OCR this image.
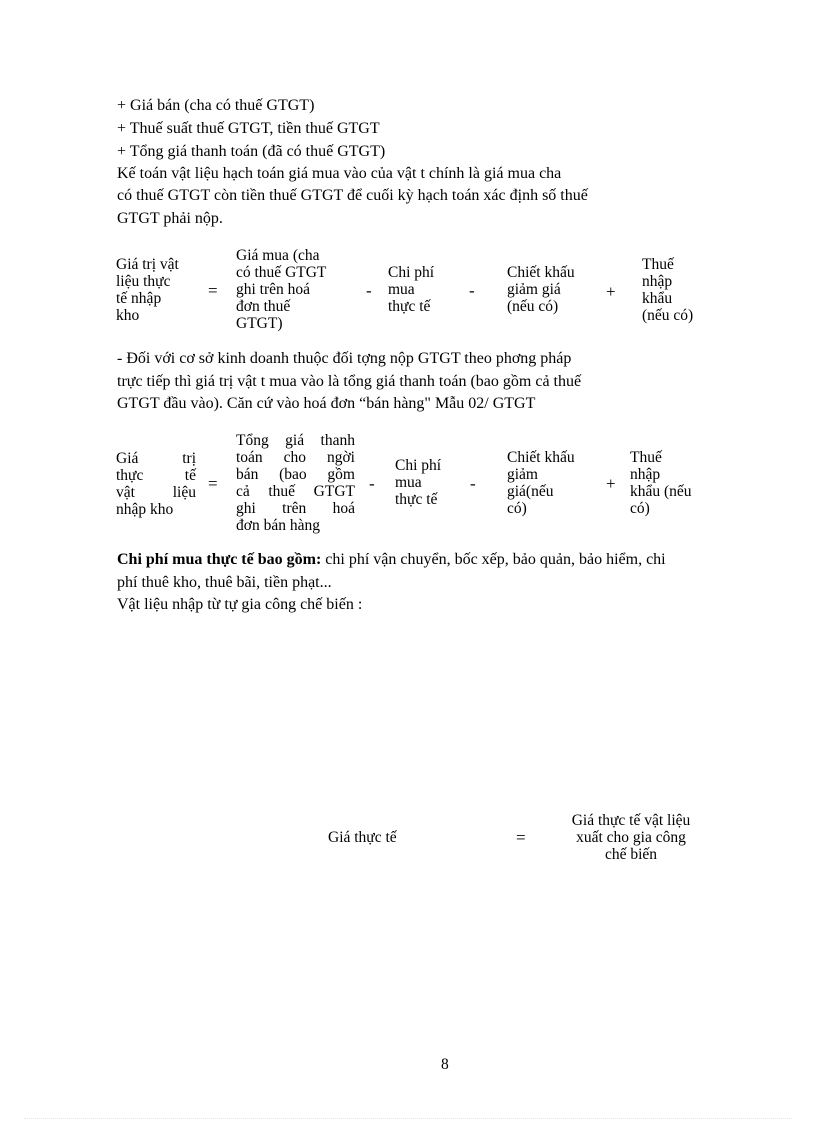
+ Giá bán (cha có thuế GTGT)
+ Thuế suất thuế GTGT, tiền thuế GTGT
+ Tổng giá thanh toán (đã có thuế GTGT)
Kế toán vật liệu hạch toán giá mua vào của vật t chính là giá mua cha
có thuế GTGT còn tiền thuế GTGT để cuối kỳ hạch toán xác định số thuế
GTGT phải nộp.
Giá trị vật
liệu thực
tế nhập
kho
=
Giá mua (cha
có thuế GTGT
ghi trên hoá
đơn thuế
GTGT)
-
Chi phí
mua
thực tế
-
Chiết khấu
giảm giá
(nếu có)
+
Thuế
nhập
khẩu
(nếu có)
- Đối với cơ sở kinh doanh thuộc đối tợng nộp GTGT theo phơng pháp
trực tiếp thì giá trị vật t mua vào là tổng giá thanh toán (bao gồm cả thuế
GTGT đầu vào). Căn cứ vào hoá đơn “bán hàng" Mẫu 02/ GTGT
Giá trị
thực tế
vật liệu
nhập kho
=
Tổng giá thanh
toán cho ngời
bán (bao gồm
cả thuế GTGT
ghi trên hoá
đơn bán hàng
-
Chi phí
mua
thực tế
-
Chiết khấu
giảm
giá(nếu
có)
+
Thuế
nhập
khẩu (nếu
có)
Chi phí mua thực tế bao gồm: chi phí vận chuyển, bốc xếp, bảo quản, bảo hiểm, chi
phí thuê kho, thuê bãi, tiền phạt...
Vật liệu nhập từ tự gia công chế biến :
Giá thực tế	=
Giá thực tế vật liệu
xuất cho gia công
chế biến
8
